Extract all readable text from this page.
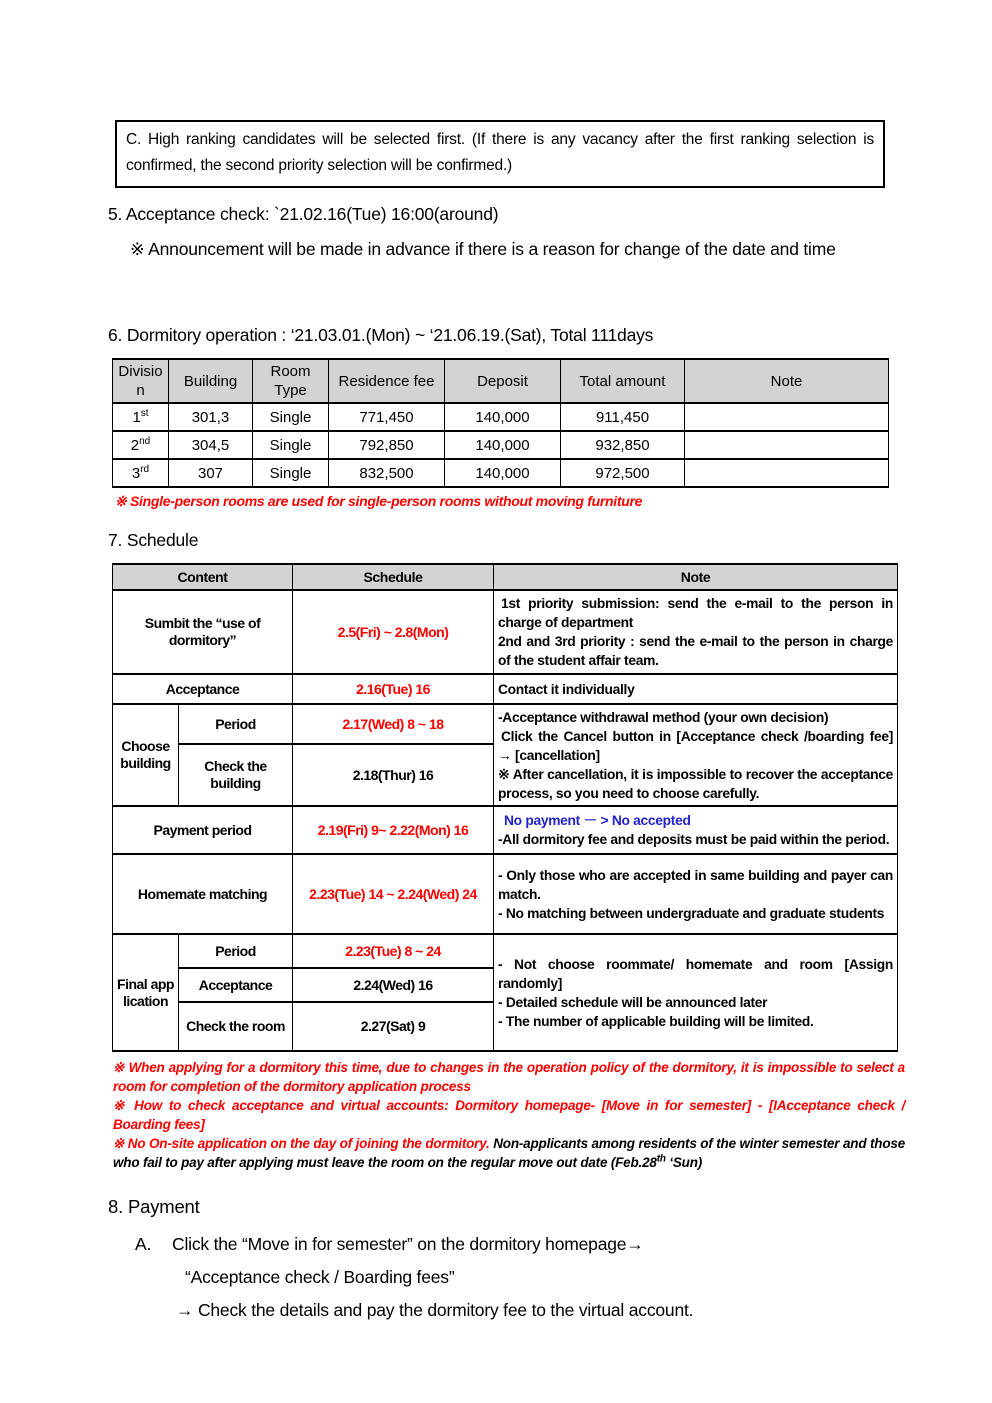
C. High ranking candidates will be selected first. (If there is any vacancy after the first ranking selection is confirmed, the second priority selection will be confirmed.)
5. Acceptance check: `21.02.16(Tue) 16:00(around)

※ Announcement will be made in advance if there is a reason for change of the date and time

6. Dormitory operation : ‘21.03.01.(Mon) ~ ‘21.06.19.(Sat), Total 111days
Division	Building	Room Type	Residence fee	Deposit	Total amount	Note
1st	301,3	Single	771,450	140,000	911,450	
2nd	304,5	Single	792,850	140,000	932,850	
3rd	307	Single	832,500	140,000	972,500	
※ Single-person rooms are used for single-person rooms without moving furniture
7. Schedule
Content		Schedule	Note
Sumbit the “use of dormitory”		2.5(Fri) ~ 2.8(Mon)	1st priority submission: send the e-mail to the person in charge of department

2nd and 3rd priority : send the e-mail to the person in charge of the student affair team.

Acceptance		2.16(Tue) 16	Contact it individually
Choose building	Period	2.17(Wed) 8 ~ 18	-Acceptance withdrawal method (your own decision)

Click the Cancel button in [Acceptance check /boarding fee] → [cancellation]

※ After cancellation, it is impossible to recover the acceptance process, so you need to choose carefully.

	Check the building	2.18(Thur) 16	
Payment period		2.19(Fri) 9~ 2.22(Mon) 16	No payment － > No accepted

-All dormitory fee and deposits must be paid within the period.

Homemate matching		2.23(Tue) 14 ~ 2.24(Wed) 24	- Only those who are accepted in same building and payer can match.

- No matching between undergraduate and graduate students

Final application	Period	2.23(Tue) 8 ~ 24	- Not choose roommate/ homemate and room [Assign randomly]

- Detailed schedule will be announced later

- The number of applicable building will be limited.

	Acceptance	2.24(Wed) 16	
	Check the room	2.27(Sat) 9	

※ When applying for a dormitory this time, due to changes in the operation policy of the dormitory, it is impossible to select a room for completion of the dormitory application process

※ How to check acceptance and virtual accounts: Dormitory homepage- [Move in for semester] - [IAcceptance check / Boarding fees]

※ No On-site application on the day of joining the dormitory. Non-applicants among residents of the winter semester and those who fail to pay after applying must leave the room on the regular move out date (Feb.28th ‘Sun)

8. Payment
A.	Click the “Move in for semester” on the dormitory homepage→
“Acceptance check / Boarding fees”
→ Check the details and pay the dormitory fee to the virtual account.
